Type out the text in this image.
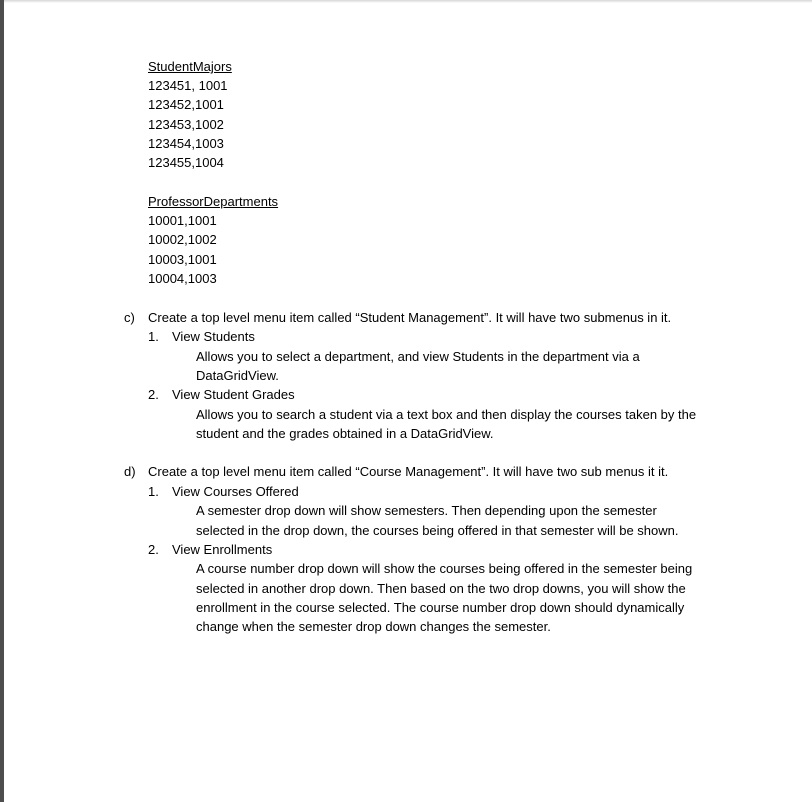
StudentMajors
123451, 1001
123452,1001
123453,1002
123454,1003
123455,1004
ProfessorDepartments
10001,1001
10002,1002
10003,1001
10004,1003
c) Create a top level menu item called “Student Management”. It will have two submenus in it.
1. View Students
Allows you to select a department, and view Students in the department via a
DataGridView.
2. View Student Grades
Allows you to search a student via a text box and then display the courses taken by the
student and the grades obtained in a DataGridView.
d) Create a top level menu item called “Course Management”. It will have two sub menus it it.
1. View Courses Offered
A semester drop down will show semesters. Then depending upon the semester
selected in the drop down, the courses being offered in that semester will be shown.
2. View Enrollments
A course number drop down will show the courses being offered in the semester being
selected in another drop down. Then based on the two drop downs, you will show the
enrollment in the course selected. The course number drop down should dynamically
change when the semester drop down changes the semester.
